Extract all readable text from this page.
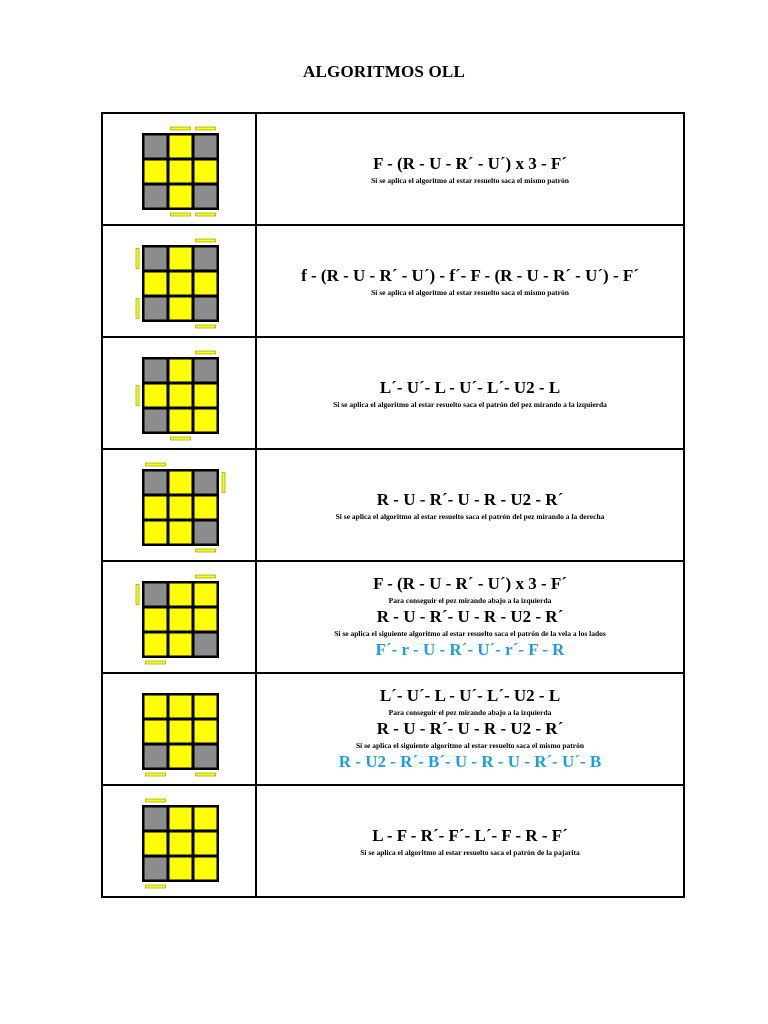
ALGORITMOS OLL
F - (R - U - R´ - U´) x 3 - F´
Si se aplica el algoritmo al estar resuelto saca el mismo patrón
f - (R - U - R´ - U´) - f´- F - (R - U - R´ - U´) - F´
Si se aplica el algoritmo al estar resuelto saca el mismo patrón
L´- U´- L - U´- L´- U2 - L
Si se aplica el algoritmo al estar resuelto saca el patrón del pez mirando a la izquierda
R - U - R´- U - R - U2 - R´
Si se aplica el algoritmo al estar resuelto saca el patrón del pez mirando a la derecha
F - (R - U - R´ - U´) x 3 - F´
Para conseguir el pez mirando abajo a la izquierda
R - U - R´- U - R - U2 - R´
Si se aplica el siguiente algoritmo al estar resuelto saca el patrón de la vela a los lados
F´- r - U - R´- U´- r´- F - R
L´- U´- L - U´- L´- U2 - L
Para conseguir el pez mirando abajo a la izquierda
R - U - R´- U - R - U2 - R´
Si se aplica el siguiente algoritmo al estar resuelto saca el mismo patrón
R - U2 - R´- B´- U - R - U - R´- U´- B
L - F - R´- F´- L´- F - R - F´
Si se aplica el algoritmo al estar resuelto saca el patrón de la pajarita
